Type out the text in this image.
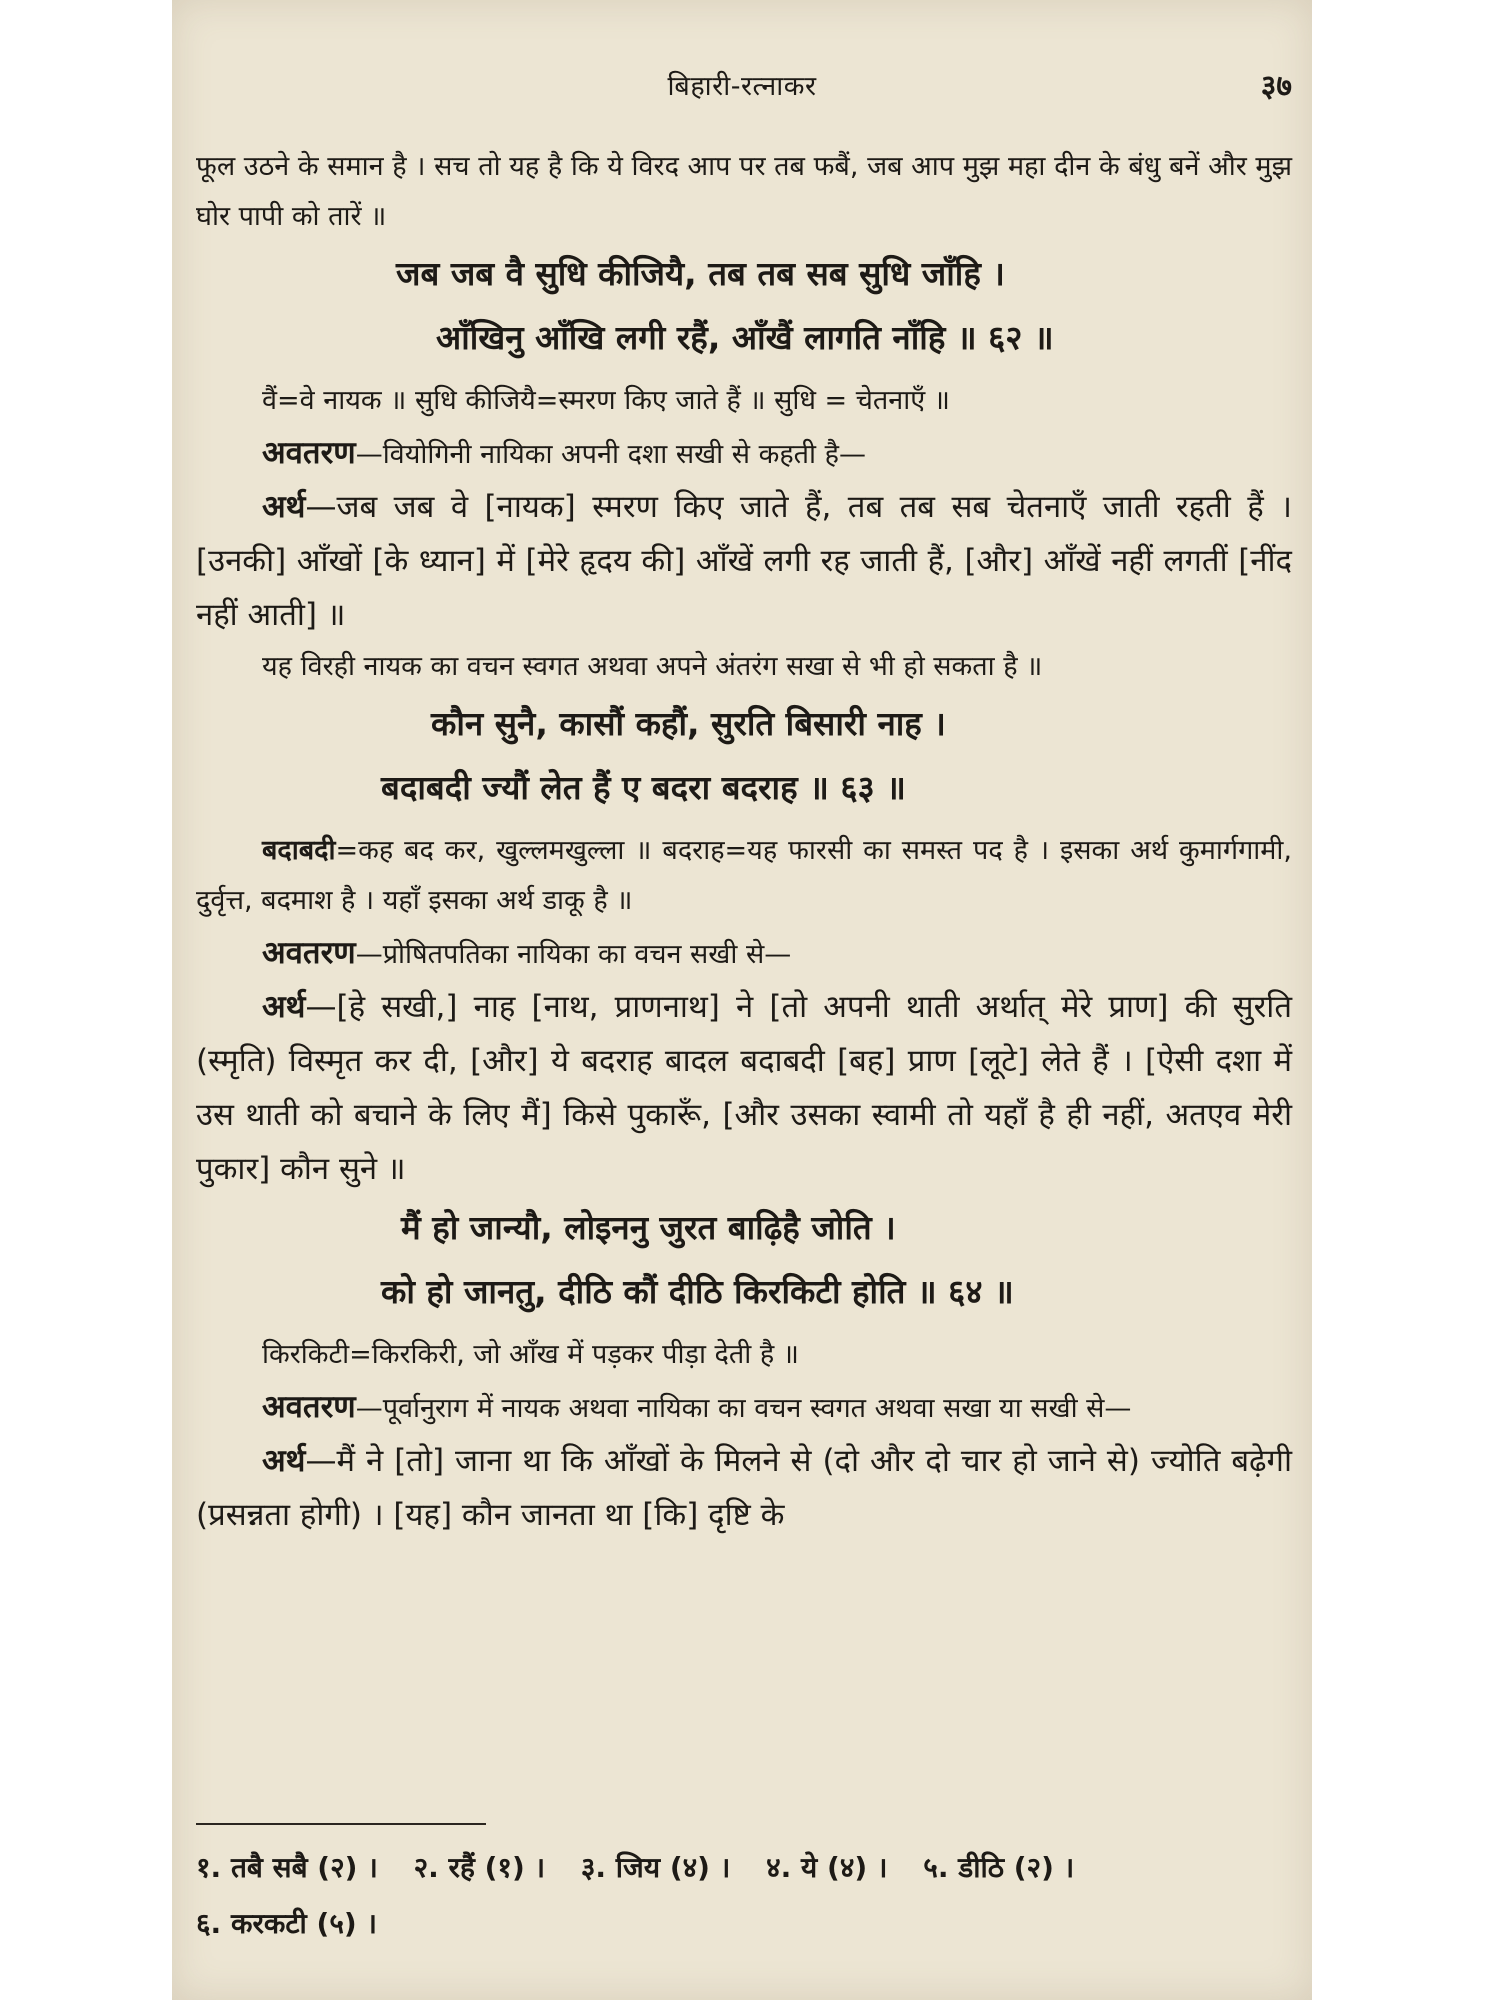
बिहारी-रत्नाकर	३७

फूल उठने के समान है । सच तो यह है कि ये विरद आप पर तब फबैं, जब आप मुझ महा दीन के बंधु बनें और मुझ घोर पापी को तारें ॥

जब जब वै सुधि कीजियै, तब तब सब सुधि जाँहि ।

आँखिनु आँखि लगी रहैं, आँखैं लागति नाँहि ॥ ६२ ॥

वैं=वे नायक ॥ सुधि कीजियै=स्मरण किए जाते हैं ॥ सुधि = चेतनाएँ ॥

अवतरण—वियोगिनी नायिका अपनी दशा सखी से कहती है—

अर्थ—जब जब वे [नायक] स्मरण किए जाते हैं, तब तब सब चेतनाएँ जाती रहती हैं । [उनकी] आँखों [के ध्यान] में [मेरे हृदय की] आँखें लगी रह जाती हैं, [और] आँखें नहीं लगतीं [नींद नहीं आती] ॥

यह विरही नायक का वचन स्वगत अथवा अपने अंतरंग सखा से भी हो सकता है ॥

कौन सुनै, कासौं कहौं, सुरति बिसारी नाह ।

बदाबदी ज्यौं लेत हैं ए बदरा बदराह ॥ ६३ ॥

बदाबदी=कह बद कर, खुल्लमखुल्ला ॥ बदराह=यह फारसी का समस्त पद है । इसका अर्थ कुमार्गगामी, दुर्वृत्त, बदमाश है । यहाँ इसका अर्थ डाकू है ॥

अवतरण—प्रोषितपतिका नायिका का वचन सखी से—

अर्थ—[हे सखी,] नाह [नाथ, प्राणनाथ] ने [तो अपनी थाती अर्थात् मेरे प्राण] की सुरति (स्मृति) विस्मृत कर दी, [और] ये बदराह बादल बदाबदी [बह] प्राण [लूटे] लेते हैं । [ऐसी दशा में उस थाती को बचाने के लिए मैं] किसे पुकारूँ, [और उसका स्वामी तो यहाँ है ही नहीं, अतएव मेरी पुकार] कौन सुने ॥

मैं हो जान्यौ, लोइननु जुरत बाढ़िहै जोति ।

को हो जानतु, दीठि कौं दीठि किरकिटी होति ॥ ६४ ॥

किरकिटी=किरकिरी, जो आँख में पड़कर पीड़ा देती है ॥

अवतरण—पूर्वानुराग में नायक अथवा नायिका का वचन स्वगत अथवा सखा या सखी से—

अर्थ—मैं ने [तो] जाना था कि आँखों के मिलने से (दो और दो चार हो जाने से) ज्योति बढ़ेगी (प्रसन्नता होगी) । [यह] कौन जानता था [कि] दृष्टि के

१. तबै सबै (२) । २. रहैं (१) । ३. जिय (४) । ४. ये (४) । ५. डीठि (२) । ६. करकटी (५) ।
